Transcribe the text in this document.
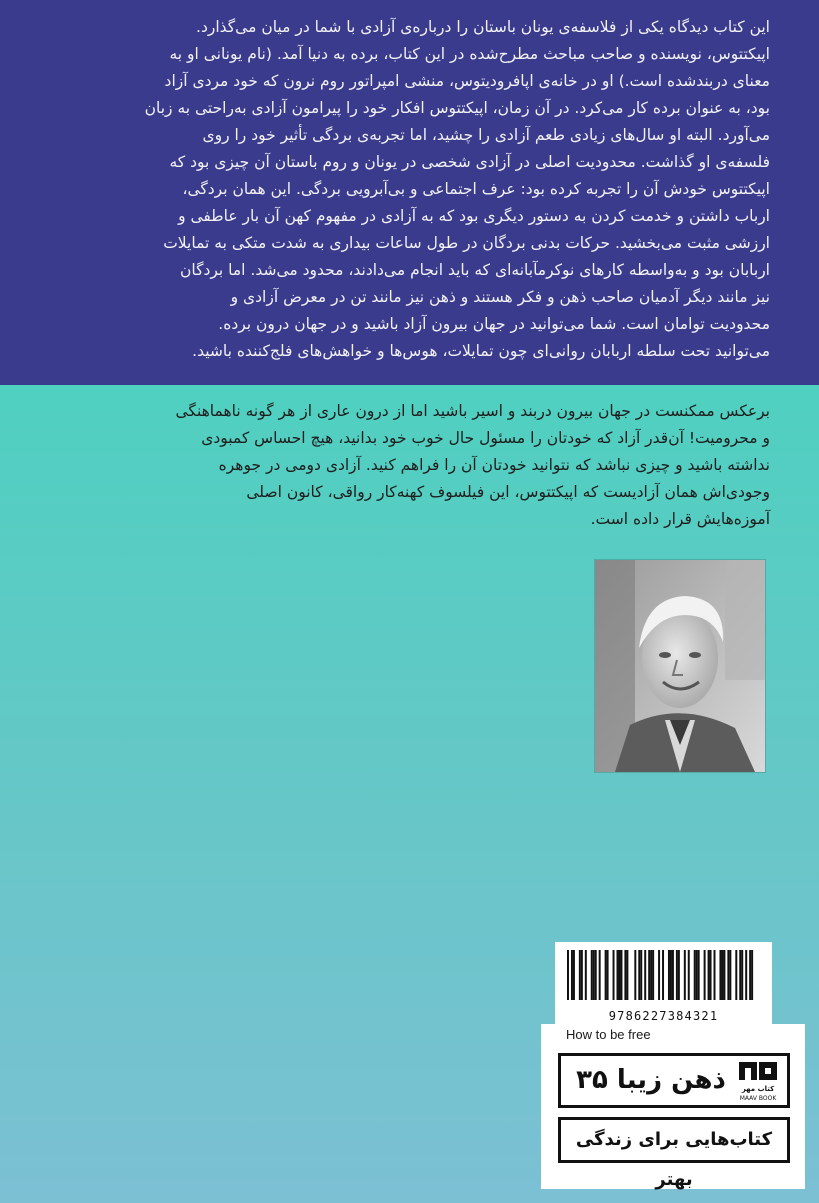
این کتاب دیدگاه یکی از فلاسفه‌ی یونان باستان را درباره‌ی آزادی با شما در میان می‌گذارد.

اپیکتتوس، نویسنده و صاحب مباحث مطرح‌شده در این کتاب، برده به دنیا آمد. (نام یونانی او به

معنای دربندشده است.) او در خانه‌ی اپافرودیتوس، منشی امپراتور روم نرون که خود مردی آزاد

بود، به عنوان برده کار می‌کرد. در آن زمان، اپیکتتوس افکار خود را پیرامون آزادی به‌راحتی به زبان

می‌آورد. البته او سال‌های زیادی طعم آزادی را چشید، اما تجربه‌ی بردگی تأثیر خود را روی

فلسفه‌ی او گذاشت. محدودیت اصلی در آزادی شخصی در یونان و روم باستان آن چیزی بود که

اپیکتتوس خودش آن را تجربه کرده بود: عرف اجتماعی و بی‌آبرویی بردگی. این همان بردگی،

ارباب داشتن و خدمت کردن به دستور دیگری بود که به آزادی در مفهوم کهن آن بار عاطفی و

ارزشی مثبت می‌بخشید. حرکات بدنی بردگان در طول ساعات بیداری به شدت متکی به تمایلات

اربابان بود و به‌واسطه کارهای نوکرمآبانه‌ای که باید انجام می‌دادند، محدود می‌شد. اما بردگان

نیز مانند دیگر آدمیان صاحب ذهن و فکر هستند و ذهن نیز مانند تن در معرض آزادی و

محدودیت توامان است. شما می‌توانید در جهان بیرون آزاد باشید و در جهان درون برده.

می‌توانید تحت سلطه اربابان روانی‌ای چون تمایلات، هوس‌ها و خواهش‌های فلج‌کننده باشید.

برعکس ممکنست در جهان بیرون دربند و اسیر باشید اما از درون عاری از هر گونه ناهماهنگی

و محرومیت! آن‌قدر آزاد که خودتان را مسئول حال خوب خود بدانید، هیچ احساس کمبودی

نداشته باشید و چیزی نباشد که نتوانید خودتان آن را فراهم کنید. آزادی دومی در جوهره

وجودی‌اش همان آزادیست که اپیکتتوس، این فیلسوف کهنه‌کار رواقی، کانون اصلی

آموزه‌هایش قرار داده است.

9786227384321
How to be free
ذهن زیبا ۳۵	کتاب مهر
MAAV BOOK
کتاب‌هایی برای زندگی بهتر
